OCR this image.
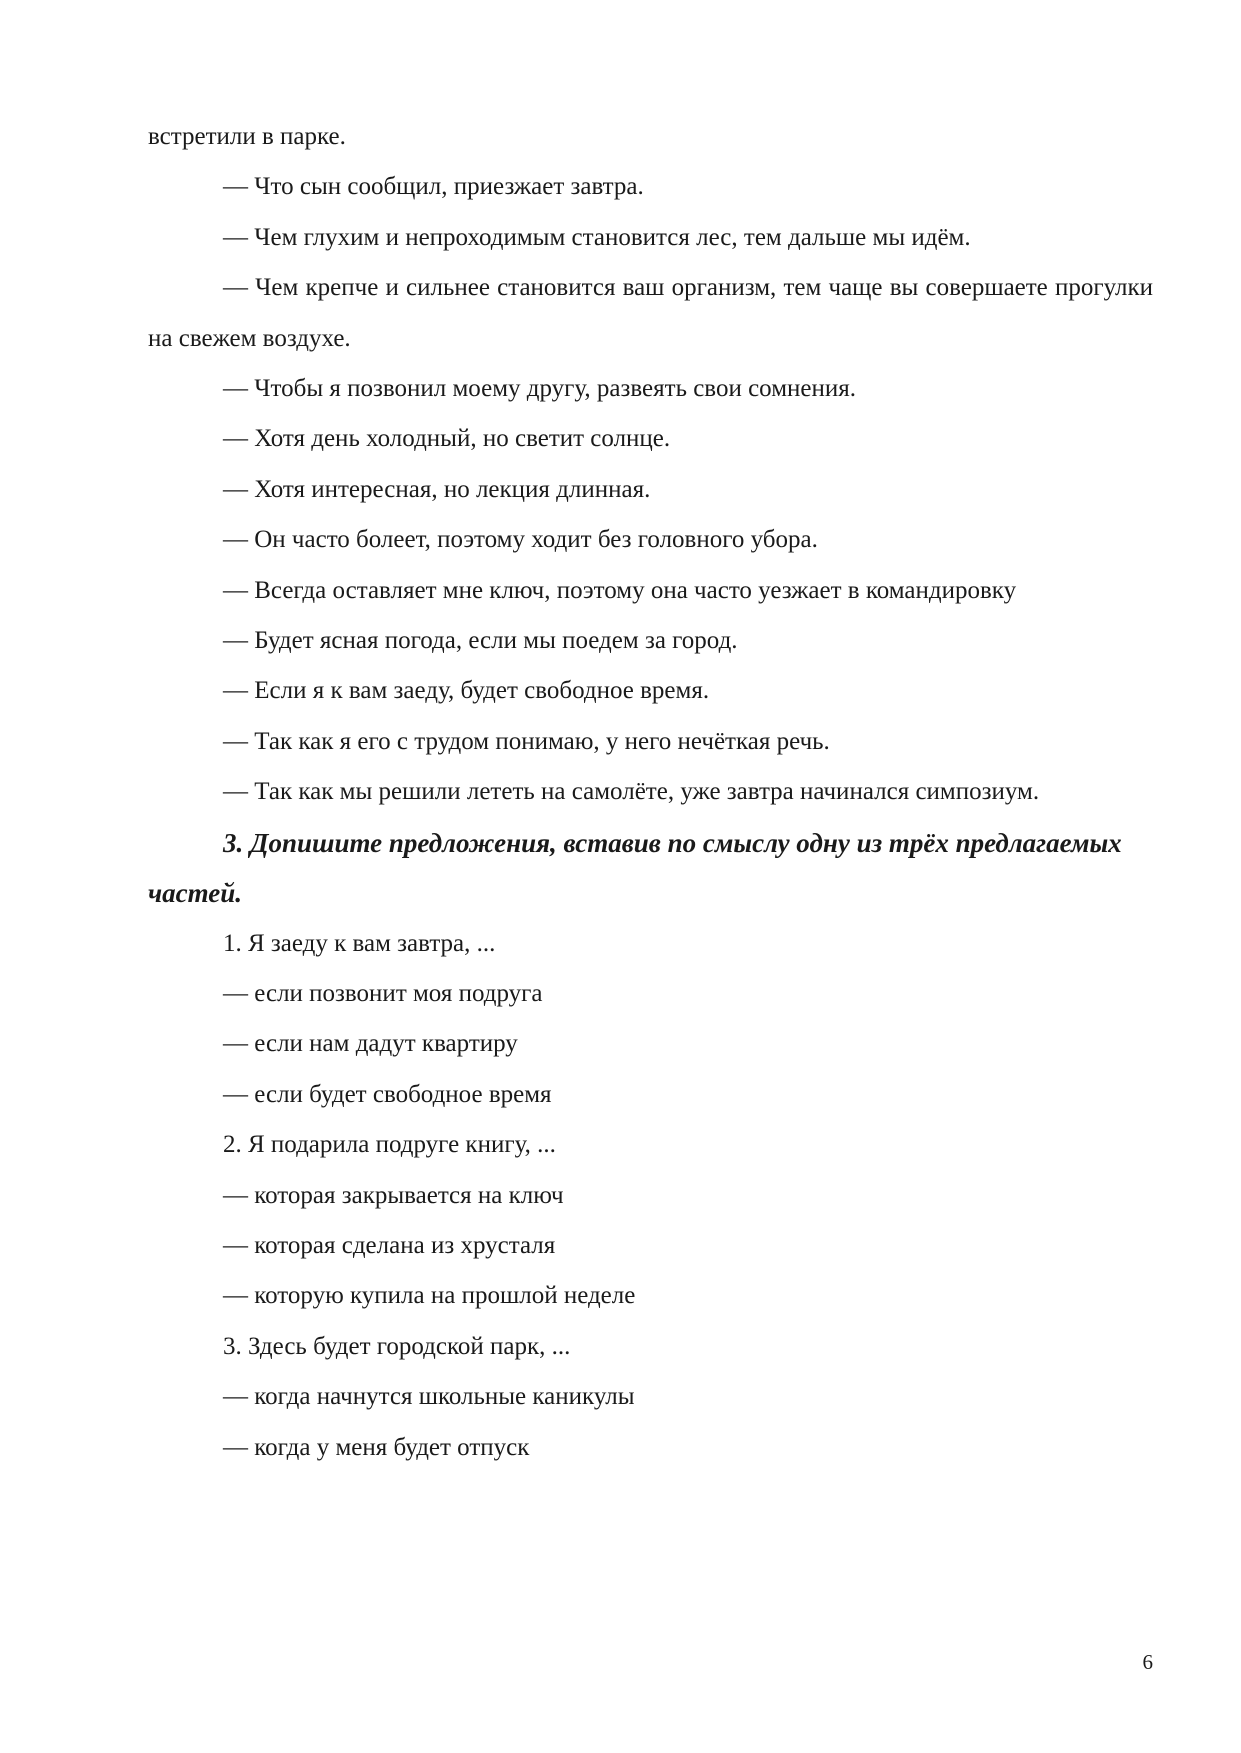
встретили в парке.

— Что сын сообщил, приезжает завтра.

— Чем глухим и непроходимым становится лес, тем дальше мы идём.

— Чем крепче и сильнее становится ваш организм, тем чаще вы совершаете прогулки на свежем воздухе.

— Чтобы я позвонил моему другу, развеять свои сомнения.

— Хотя день холодный, но светит солнце.

— Хотя интересная, но лекция длинная.

— Он часто болеет, поэтому ходит без головного убора.

— Всегда оставляет мне ключ, поэтому она часто уезжает в командировку

— Будет ясная погода, если мы поедем за город.

— Если я к вам заеду, будет свободное время.

— Так как я его с трудом понимаю, у него нечёткая речь.

— Так как мы решили лететь на самолёте, уже завтра начинался симпозиум.

3. Допишите предложения, вставив по смыслу одну из трёх предлагаемых частей.

1. Я заеду к вам завтра, ...

— если позвонит моя подруга

— если нам дадут квартиру

— если будет свободное время

2. Я подарила подруге книгу, ...

— которая закрывается на ключ

— которая сделана из хрусталя

— которую купила на прошлой неделе

3. Здесь будет городской парк, ...

— когда начнутся школьные каникулы

— когда у меня будет отпуск

6
